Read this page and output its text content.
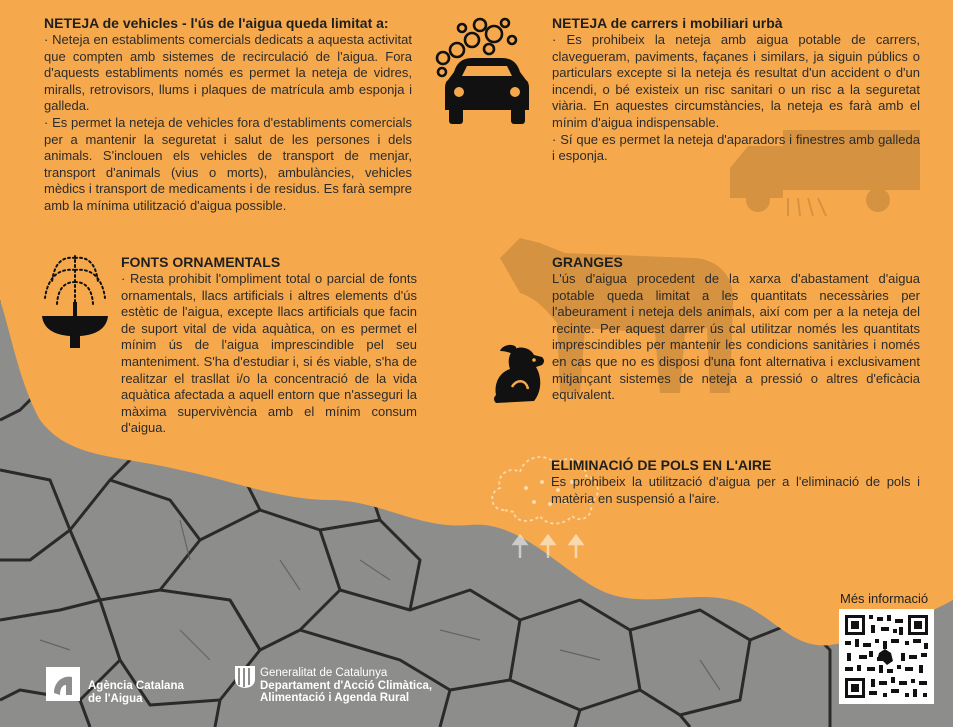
NETEJA de vehicles - l'ús de l'aigua queda limitat a:

· Neteja en establiments comercials dedicats a aquesta activitat que compten amb sistemes de recirculació de l'aigua. Fora d'aquests establiments només es permet la neteja de vidres, miralls, retrovisors, llums i plaques de matrícula amb esponja i galleda.

· Es permet la neteja de vehicles fora d'establiments comercials per a mantenir la seguretat i salut de les persones i dels animals. S'inclouen els vehicles de transport de menjar, transport d'animals (vius o morts), ambulàncies, vehicles mèdics i transport de medicaments i de residus. Es farà sempre amb la mínima utilització d'aigua possible.

NETEJA de carrers i mobiliari urbà

· Es prohibeix la neteja amb aigua potable de carrers, clavegueram, paviments, façanes i similars, ja siguin públics o particulars excepte si la neteja és resultat d'un accident o d'un incendi, o bé existeix un risc sanitari o un risc a la seguretat viària. En aquestes circumstàncies, la neteja es farà amb el mínim d'aigua indispensable.

· Sí que es permet la neteja d'aparadors i finestres amb galleda i esponja.

FONTS ORNAMENTALS

· Resta prohibit l'ompliment total o parcial de fonts ornamentals, llacs artificials i altres elements d'ús estètic de l'aigua, excepte llacs artificials que facin de suport vital de vida aquàtica, on es permet el mínim ús de l'aigua imprescindible pel seu manteniment. S'ha d'estudiar i, si és viable, s'ha de realitzar el trasllat i/o la concentració de la vida aquàtica afectada a aquell entorn que n'asseguri la màxima supervivència amb el mínim consum d'aigua.

GRANGES

L'ús d'aigua procedent de la xarxa d'abastament d'aigua potable queda limitat a les quantitats necessàries per l'abeurament i neteja dels animals, així com per a la neteja del recinte. Per aquest darrer ús cal utilitzar només les quantitats imprescindibles per mantenir les condicions sanitàries i només en cas que no es disposi d'una font alternativa i exclusivament mitjançant sistemes de neteja a pressió o altres d'eficàcia equivalent.

ELIMINACIÓ DE POLS EN L'AIRE

Es prohibeix la utilització d'aigua per a l'eliminació de pols i matèria en suspensió a l'aire.

Més informació
Agència Catalana
de l'Aigua
Generalitat de Catalunya
Departament d'Acció Climàtica,
Alimentació i Agenda Rural
